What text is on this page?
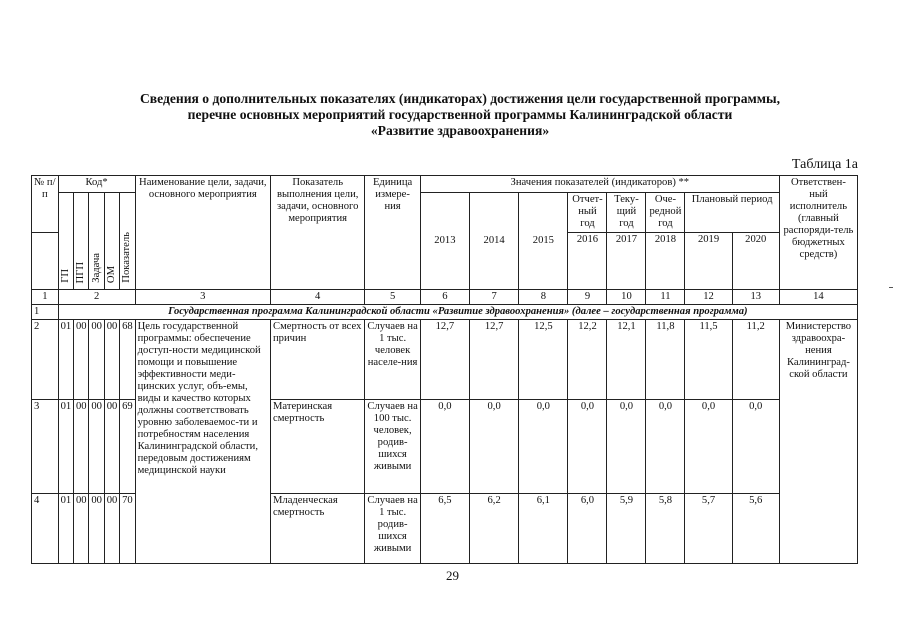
Сведения о дополнительных показателях (индикаторах) достижения цели государственной программы,
перечне основных мероприятий государственной программы Калининградской области
«Развитие здравоохранения»
Таблица 1а
№ п/п	Код*					Наименование цели, задачи, основного мероприятия	Показатель выполнения цели, задачи, основного мероприятия	Единица измере-ния	Значения показателей (индикаторов) **								Ответствен-ный исполнитель (главный распоряди-тель бюджетных средств)
	ГП	ПГП	Задача	ОМ	Показатель				2013	2014	2015	Отчет-ный год	Теку-щий год	Оче-редной год	Плановый период		
												2016	2017	2018	2019	2020	
1	2					3	4	5	6	7	8	9	10	11	12	13	14
1	Государственная программа Калининградской области «Развитие здравоохранения» (далее – государственная программа)																
2	01	00	00	00	68	Цель государственной программы: обеспечение доступ-ности медицинской помощи и повышение эффективности меди-цинских услуг, объ-емы, виды и качество которых должны соответствовать уровню заболеваемос-ти и потребностям населения Калининградской области, передовым достижениям медицинской науки	Смертность от всех причин	Случаев на 1 тыс. человек населе-ния	12,7	12,7	12,5	12,2	12,1	11,8	11,5	11,2	Министерство здравоохра-нения Калининград-ской области
3	01	00	00	00	69		Материнская смертность	Случаев на 100 тыс. человек, родив-шихся живыми	0,0	0,0	0,0	0,0	0,0	0,0	0,0	0,0	
4	01	00	00	00	70		Младенческая смертность	Случаев на 1 тыс. родив-шихся живыми	6,5	6,2	6,1	6,0	5,9	5,8	5,7	5,6	
29
